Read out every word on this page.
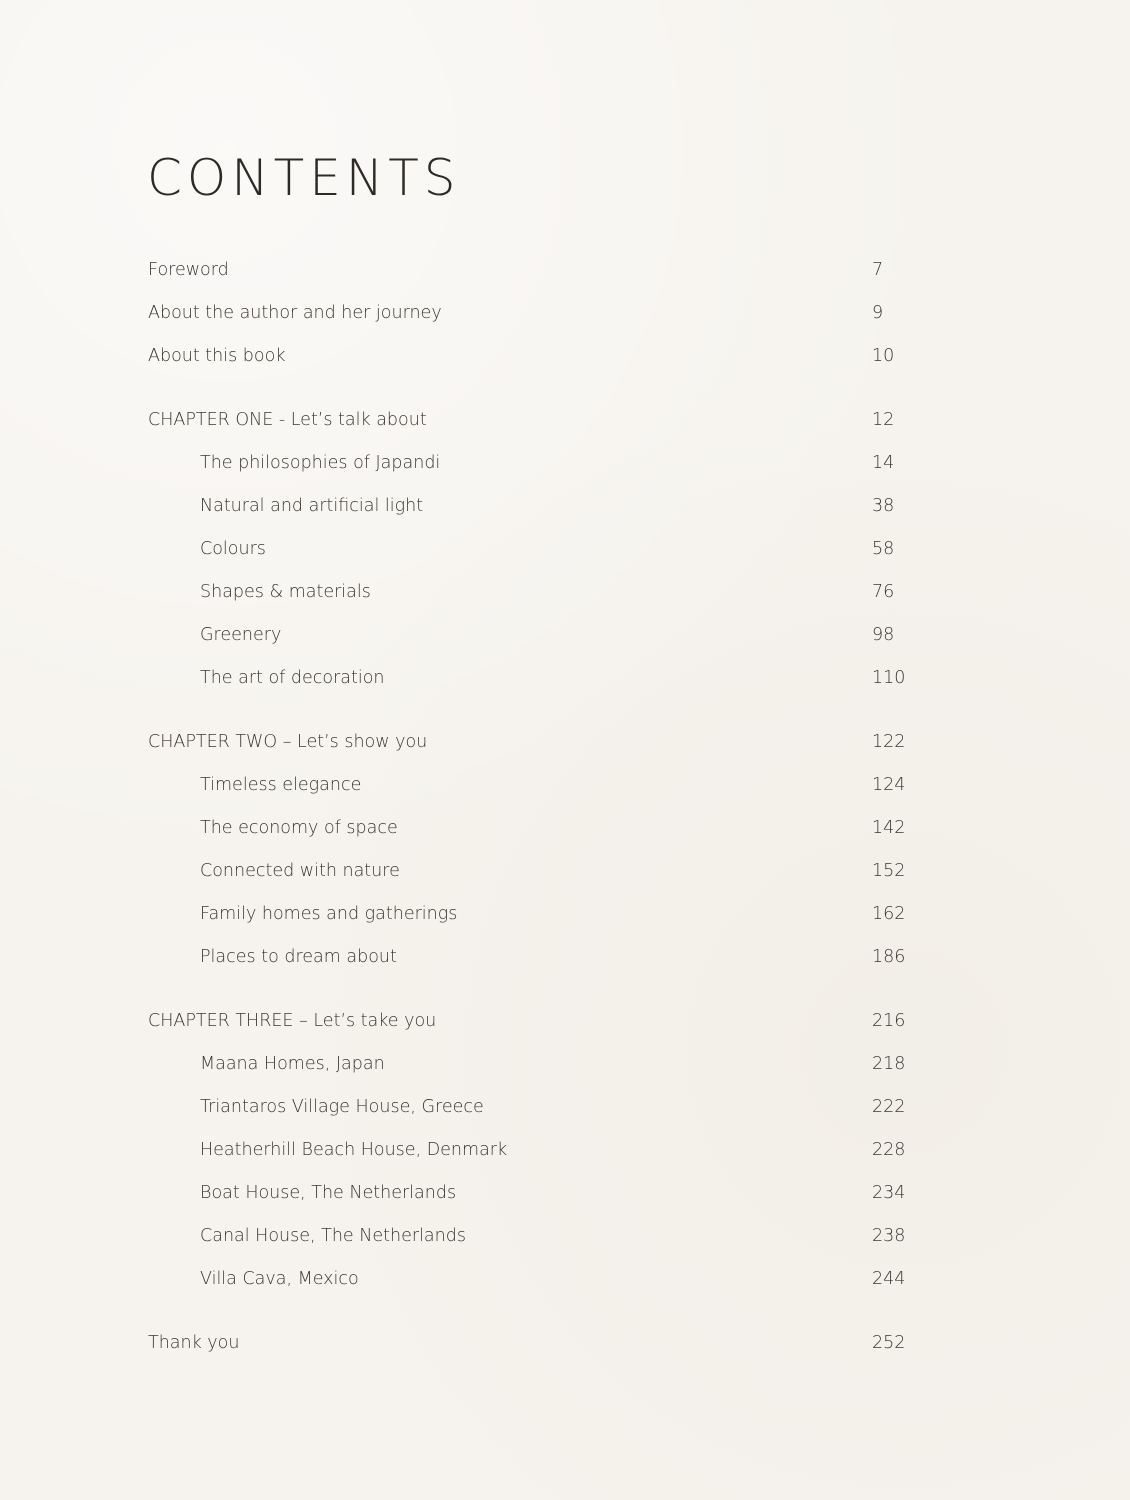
CONTENTS
Foreword	7
About the author and her journey	9
About this book	10
CHAPTER ONE - Let’s talk about	12
The philosophies of Japandi	14
Natural and artificial light	38
Colours	58
Shapes & materials	76
Greenery	98
The art of decoration	110
CHAPTER TWO – Let’s show you	122
Timeless elegance	124
The economy of space	142
Connected with nature	152
Family homes and gatherings	162
Places to dream about	186
CHAPTER THREE – Let’s take you	216
Maana Homes, Japan	218
Triantaros Village House, Greece	222
Heatherhill Beach House, Denmark	228
Boat House, The Netherlands	234
Canal House, The Netherlands	238
Villa Cava, Mexico	244
Thank you	252
